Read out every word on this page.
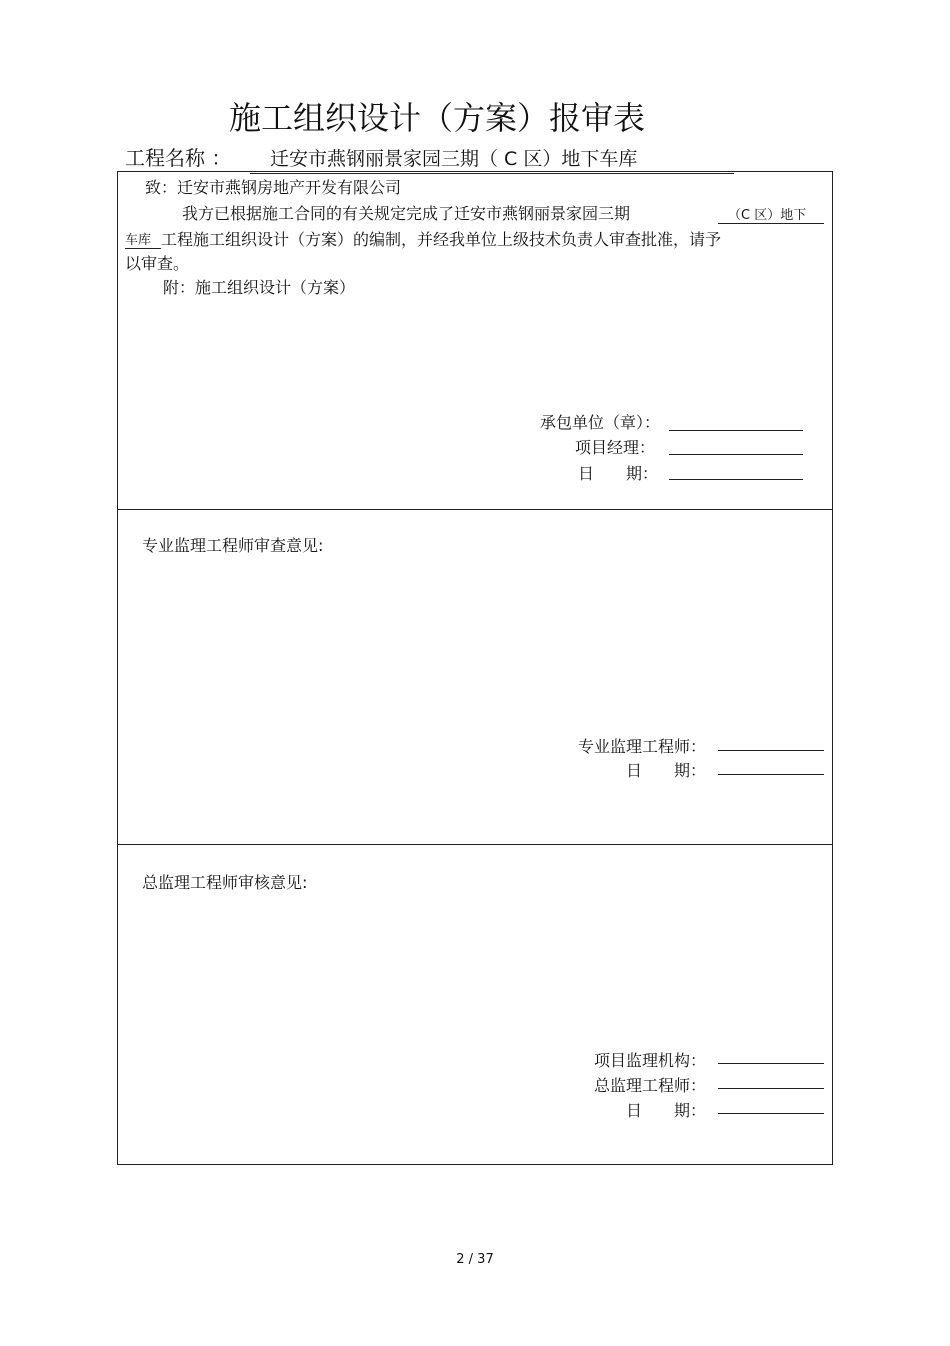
施工组织设计（方案）报审表
工程名称 ：	迁安市燕钢丽景家园三期（ C 区）地下车库
致：迁安市燕钢房地产开发有限公司
我方已根据施工合同的有关规定完成了迁安市燕钢丽景家园三期	（C 区）地下
车库 工程施工组织设计（方案）的编制，并经我单位上级技术负责人审查批准，请予
以审查。
附：施工组织设计（方案）
承包单位（章）：
项目经理：
日　　期：
专业监理工程师审查意见:
专业监理工程师：
日　　期：
总监理工程师审核意见:
项目监理机构：
总监理工程师：
日　　期：
2 / 37
